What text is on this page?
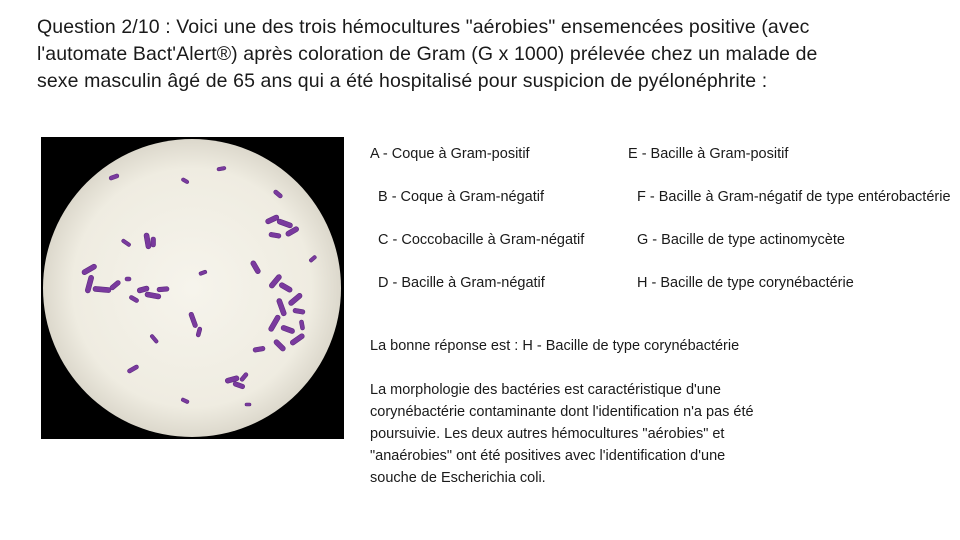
Question 2/10 : Voici une des trois hémocultures "aérobies" ensemencées positive (avec
l'automate Bact'Alert®) après coloration de Gram (G x 1000) prélevée chez un malade de
sexe masculin âgé de 65 ans qui a été hospitalisé pour suspicion de pyélonéphrite :
A - Coque à Gram-positif
B - Coque à Gram-négatif
C - Coccobacille à Gram-négatif
D - Bacille à Gram-négatif
E - Bacille à Gram-positif
F - Bacille à Gram-négatif de type entérobactérie
G - Bacille de type actinomycète
H - Bacille de type corynébactérie
La bonne réponse est : H - Bacille de type corynébactérie

La morphologie des bactéries est caractéristique d'une
corynébactérie contaminante dont l'identification n'a pas été
poursuivie. Les deux autres hémocultures "aérobies" et
"anaérobies" ont été positives avec l'identification d'une
souche de Escherichia coli.
